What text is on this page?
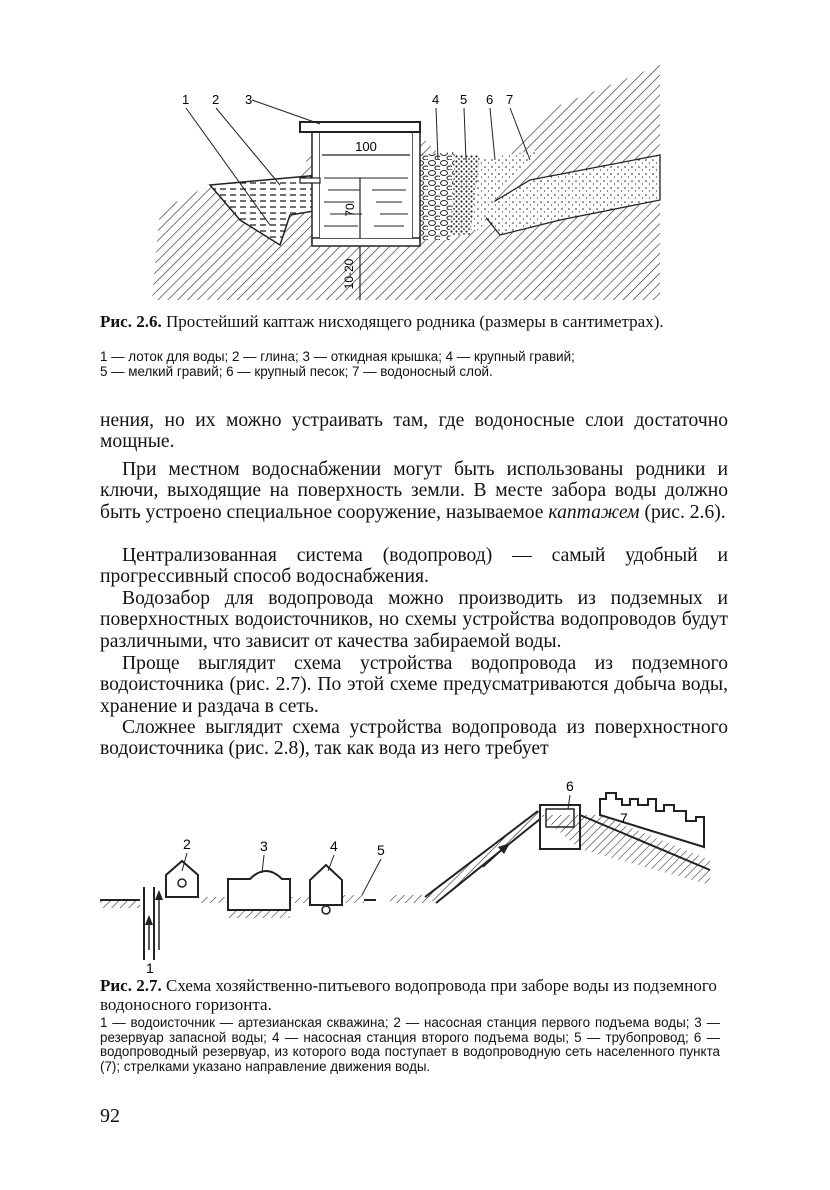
100
70
10-20
1 2 3	4 5 6 7
Рис. 2.6. Простейший каптаж нисходящего родника (размеры в сантиметрах).
1 — лоток для воды; 2 — глина; 3 — откидная крышка; 4 — крупный гравий;
5 — мелкий гравий; 6 — крупный песок; 7 — водоносный слой.
нения, но их можно устраивать там, где водоносные слои достаточно мощные.
При местном водоснабжении могут быть использованы родники и ключи, выходящие на поверхность земли. В месте забора воды должно быть устроено специальное сооружение, называемое каптажем (рис. 2.6).
Централизованная система (водопровод) — самый удобный и прогрессивный способ водоснабжения.
Водозабор для водопровода можно производить из подземных и поверхностных водоисточников, но схемы устройства водопроводов будут различными, что зависит от качества забираемой воды.
Проще выглядит схема устройства водопровода из подземного водоисточника (рис. 2.7). По этой схеме предусматриваются добыча воды, хранение и раздача в сеть.
Сложнее выглядит схема устройства водопровода из поверхностного водоисточника (рис. 2.8), так как вода из него требует
2	3	4	5
6
7
1
Рис. 2.7. Схема хозяйственно-питьевого водопровода при заборе воды из подземного водоносного горизонта.
1 — водоисточник — артезианская скважина; 2 — насосная станция первого подъема воды; 3 — резервуар запасной воды; 4 — насосная станция второго подъема воды; 5 — трубопровод; 6 — водопроводный резервуар, из которого вода поступает в водопроводную сеть населенного пункта (7); стрелками указано направление движения воды.
92
